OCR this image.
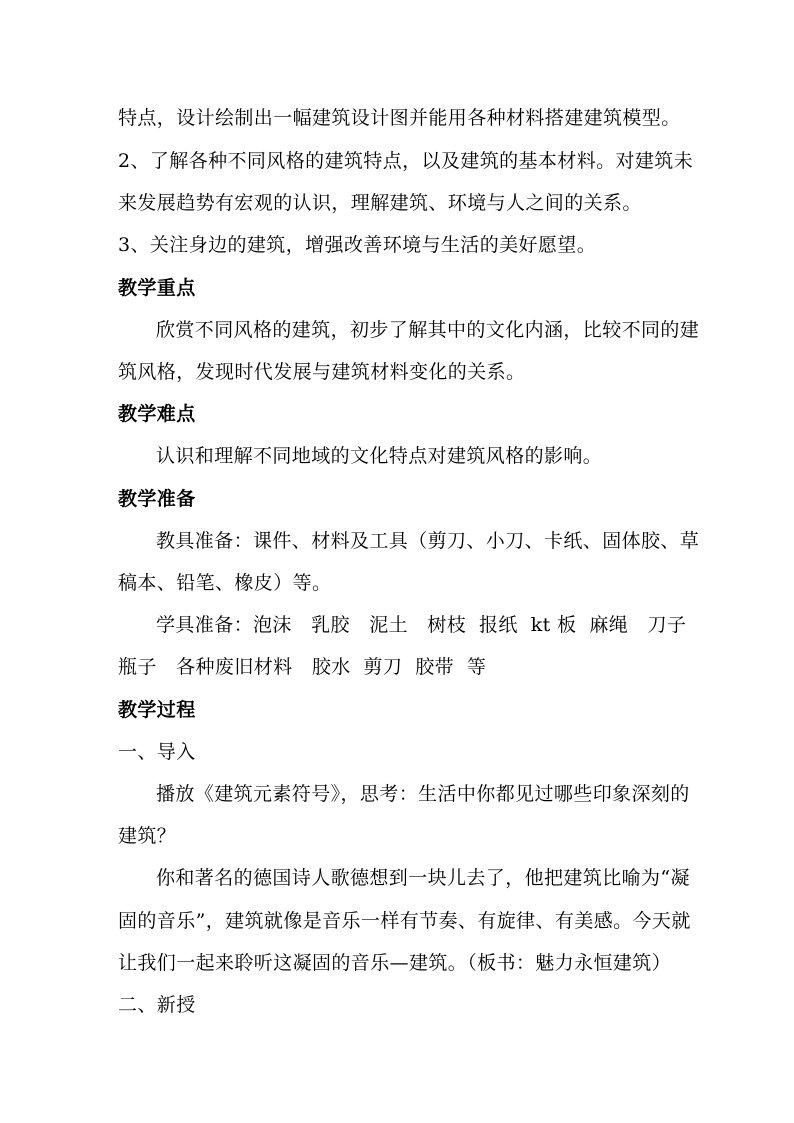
特点，设计绘制出一幅建筑设计图并能用各种材料搭建建筑模型。
2、了解各种不同风格的建筑特点，以及建筑的基本材料。对建筑未
来发展趋势有宏观的认识，理解建筑、环境与人之间的关系。
3、关注身边的建筑，增强改善环境与生活的美好愿望。
教学重点
欣赏不同风格的建筑，初步了解其中的文化内涵，比较不同的建
筑风格，发现时代发展与建筑材料变化的关系。
教学难点
认识和理解不同地域的文化特点对建筑风格的影响。
教学准备
教具准备：课件、材料及工具（剪刀、小刀、卡纸、固体胶、草
稿本、铅笔、橡皮）等。
学具准备：泡沫   乳胶   泥土   树枝  报纸  kt 板  麻绳   刀子
瓶子   各种废旧材料   胶水  剪刀  胶带  等
教学过程
一、导入
播放《建筑元素符号》，思考：生活中你都见过哪些印象深刻的
建筑？
你和著名的德国诗人歌德想到一块儿去了，他把建筑比喻为“凝
固的音乐”，建筑就像是音乐一样有节奏、有旋律、有美感。今天就
让我们一起来聆听这凝固的音乐—建筑。（板书：魅力永恒建筑）
二、新授
